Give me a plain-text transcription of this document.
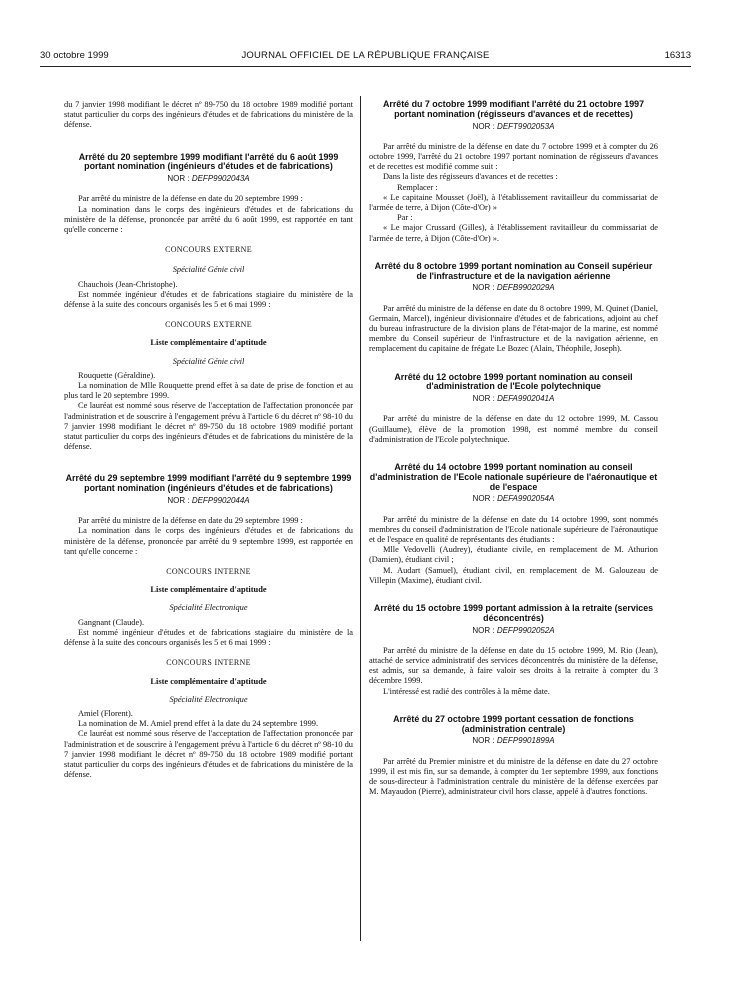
30 octobre 1999	JOURNAL OFFICIEL DE LA RÉPUBLIQUE FRANÇAISE	16313

du 7 janvier 1998 modifiant le décret nº 89-750 du 18 octobre 1989 modifié portant statut particulier du corps des ingénieurs d'études et de fabrications du ministère de la défense.

Arrêté du 20 septembre 1999 modifiant l'arrêté du 6 août 1999 portant nomination (ingénieurs d'études et de fabrications)

NOR : DEFP9902043A

Par arrêté du ministre de la défense en date du 20 septembre 1999 :

La nomination dans le corps des ingénieurs d'études et de fabrications du ministère de la défense, prononcée par arrêté du 6 août 1999, est rapportée en tant qu'elle concerne :

CONCOURS EXTERNE

Spécialité Génie civil

Chauchois (Jean-Christophe).

Est nommée ingénieur d'études et de fabrications stagiaire du ministère de la défense à la suite des concours organisés les 5 et 6 mai 1999 :

CONCOURS EXTERNE

Liste complémentaire d'aptitude

Spécialité Génie civil

Rouquette (Géraldine).

La nomination de Mlle Rouquette prend effet à sa date de prise de fonction et au plus tard le 20 septembre 1999.

Ce lauréat est nommé sous réserve de l'acceptation de l'affectation prononcée par l'administration et de souscrire à l'engagement prévu à l'article 6 du décret nº 98-10 du 7 janvier 1998 modifiant le décret nº 89-750 du 18 octobre 1989 modifié portant statut particulier du corps des ingénieurs d'études et de fabrications du ministère de la défense.

Arrêté du 29 septembre 1999 modifiant l'arrêté du 9 septembre 1999 portant nomination (ingénieurs d'études et de fabrications)

NOR : DEFP9902044A

Par arrêté du ministre de la défense en date du 29 septembre 1999 :

La nomination dans le corps des ingénieurs d'études et de fabrications du ministère de la défense, prononcée par arrêté du 9 septembre 1999, est rapportée en tant qu'elle concerne :

CONCOURS INTERNE

Liste complémentaire d'aptitude

Spécialité Electronique

Gangnant (Claude).

Est nommé ingénieur d'études et de fabrications stagiaire du ministère de la défense à la suite des concours organisés les 5 et 6 mai 1999 :

CONCOURS INTERNE

Liste complémentaire d'aptitude

Spécialité Electronique

Amiel (Florent).

La nomination de M. Amiel prend effet à la date du 24 septembre 1999.

Ce lauréat est nommé sous réserve de l'acceptation de l'affectation prononcée par l'administration et de souscrire à l'engagement prévu à l'article 6 du décret nº 98-10 du 7 janvier 1998 modifiant le décret nº 89-750 du 18 octobre 1989 modifié portant statut particulier du corps des ingénieurs d'études et de fabrications du ministère de la défense.

Arrêté du 7 octobre 1999 modifiant l'arrêté du 21 octobre 1997 portant nomination (régisseurs d'avances et de recettes)

NOR : DEFT9902053A

Par arrêté du ministre de la défense en date du 7 octobre 1999 et à compter du 26 octobre 1999, l'arrêté du 21 octobre 1997 portant nomination de régisseurs d'avances et de recettes est modifié comme suit :

Dans la liste des régisseurs d'avances et de recettes :

Remplacer :

« Le capitaine Mousset (Joël), à l'établissement ravitailleur du commissariat de l'armée de terre, à Dijon (Côte-d'Or) »

Par :

« Le major Crussard (Gilles), à l'établissement ravitailleur du commissariat de l'armée de terre, à Dijon (Côte-d'Or) ».

Arrêté du 8 octobre 1999 portant nomination au Conseil supérieur de l'infrastructure et de la navigation aérienne

NOR : DEFB9902029A

Par arrêté du ministre de la défense en date du 8 octobre 1999, M. Quinet (Daniel, Germain, Marcel), ingénieur divisionnaire d'études et de fabrications, adjoint au chef du bureau infrastructure de la division plans de l'état-major de la marine, est nommé membre du Conseil supérieur de l'infrastructure et de la navigation aérienne, en remplacement du capitaine de frégate Le Bozec (Alain, Théophile, Joseph).

Arrêté du 12 octobre 1999 portant nomination au conseil d'administration de l'Ecole polytechnique

NOR : DEFA9902041A

Par arrêté du ministre de la défense en date du 12 octobre 1999, M. Cassou (Guillaume), élève de la promotion 1998, est nommé membre du conseil d'administration de l'Ecole polytechnique.

Arrêté du 14 octobre 1999 portant nomination au conseil d'administration de l'Ecole nationale supérieure de l'aéronautique et de l'espace

NOR : DEFA9902054A

Par arrêté du ministre de la défense en date du 14 octobre 1999, sont nommés membres du conseil d'administration de l'Ecole nationale supérieure de l'aéronautique et de l'espace en qualité de représentants des étudiants :

Mlle Vedovelli (Audrey), étudiante civile, en remplacement de M. Athurion (Damien), étudiant civil ;

M. Audart (Samuel), étudiant civil, en remplacement de M. Galouzeau de Villepin (Maxime), étudiant civil.

Arrêté du 15 octobre 1999 portant admission à la retraite (services déconcentrés)

NOR : DEFP9902052A

Par arrêté du ministre de la défense en date du 15 octobre 1999, M. Rio (Jean), attaché de service administratif des services déconcentrés du ministère de la défense, est admis, sur sa demande, à faire valoir ses droits à la retraite à compter du 3 décembre 1999.

L'intéressé est radié des contrôles à la même date.

Arrêté du 27 octobre 1999 portant cessation de fonctions (administration centrale)

NOR : DEFP9901899A

Par arrêté du Premier ministre et du ministre de la défense en date du 27 octobre 1999, il est mis fin, sur sa demande, à compter du 1er septembre 1999, aux fonctions de sous-directeur à l'administration centrale du ministère de la défense exercées par M. Mayaudon (Pierre), administrateur civil hors classe, appelé à d'autres fonctions.
